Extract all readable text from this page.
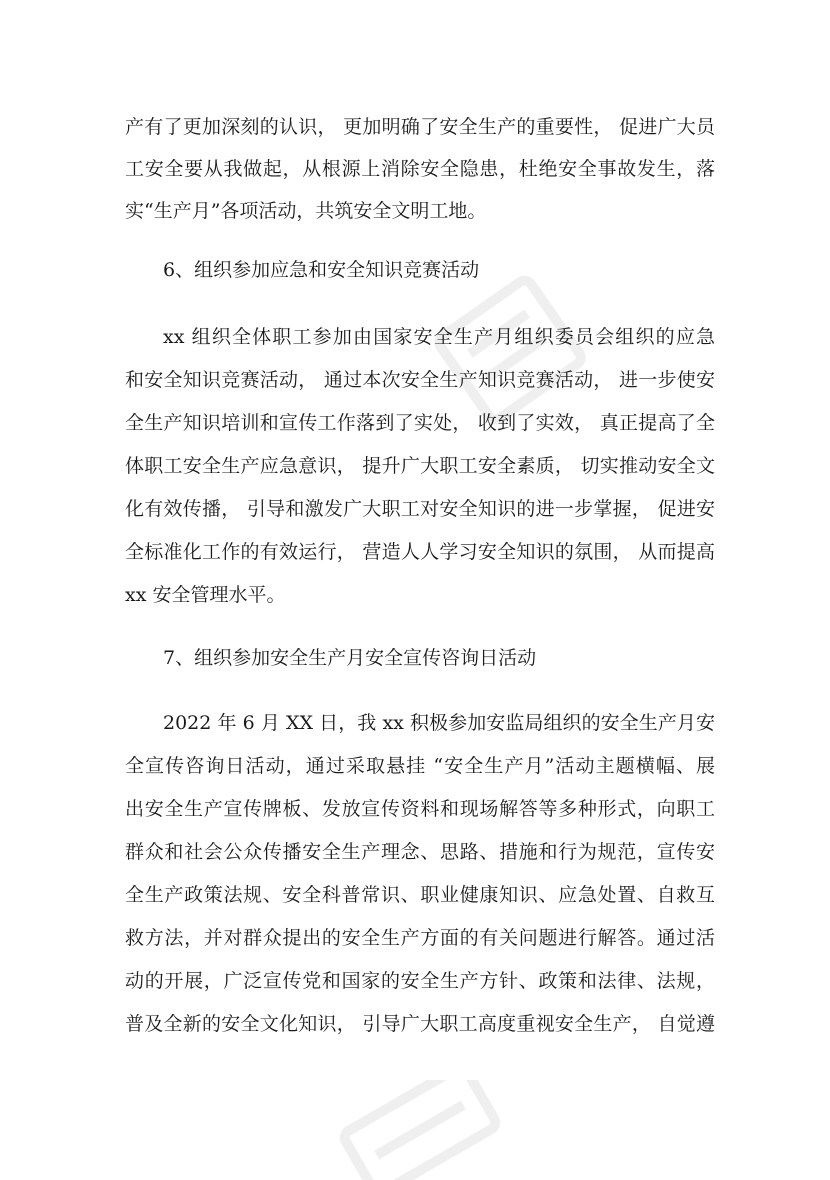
产有了更加深刻的认识， 更加明确了安全生产的重要性， 促进广大员
工安全要从我做起，从根源上消除安全隐患，杜绝安全事故发生，落
实“生产月”各项活动，共筑安全文明工地。
6、组织参加应急和安全知识竞赛活动
xx 组织全体职工参加由国家安全生产月组织委员会组织的应急
和安全知识竞赛活动， 通过本次安全生产知识竞赛活动， 进一步使安
全生产知识培训和宣传工作落到了实处， 收到了实效， 真正提高了全
体职工安全生产应急意识， 提升广大职工安全素质， 切实推动安全文
化有效传播， 引导和激发广大职工对安全知识的进一步掌握， 促进安
全标准化工作的有效运行， 营造人人学习安全知识的氛围， 从而提高
xx 安全管理水平。
7、组织参加安全生产月安全宣传咨询日活动
2022 年 6 月 XX 日，我 xx 积极参加安监局组织的安全生产月安
全宣传咨询日活动，通过采取悬挂 “安全生产月”活动主题横幅、展
出安全生产宣传牌板、发放宣传资料和现场解答等多种形式，向职工
群众和社会公众传播安全生产理念、思路、措施和行为规范，宣传安
全生产政策法规、安全科普常识、职业健康知识、应急处置、自救互
救方法，并对群众提出的安全生产方面的有关问题进行解答。通过活
动的开展，广泛宣传党和国家的安全生产方针、政策和法律、法规，
普及全新的安全文化知识， 引导广大职工高度重视安全生产， 自觉遵
